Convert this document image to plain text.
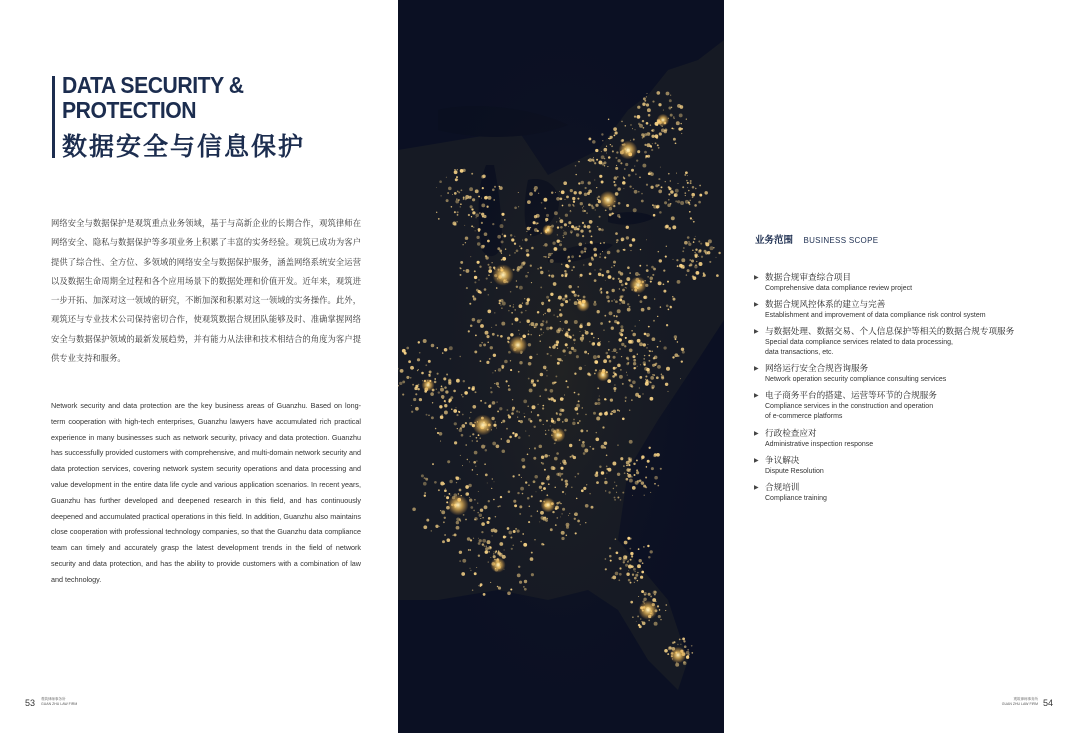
DATA SECURITY &
PROTECTION
数据安全与信息保护

网络安全与数据保护是观筑重点业务领域，基于与高新企业的长期合作，观筑律师在网络安全、隐私与数据保护等多项业务上积累了丰富的实务经验。观筑已成功为客户提供了综合性、全方位、多领域的网络安全与数据保护服务，涵盖网络系统安全运营以及数据生命周期全过程和各个应用场景下的数据处理和价值开发。近年来，观筑进一步开拓、加深对这一领域的研究，不断加深和积累对这一领域的实务操作。此外，观筑还与专业技术公司保持密切合作，使观筑数据合规团队能够及时、准确掌握网络安全与数据保护领域的最新发展趋势，并有能力从法律和技术相结合的角度为客户提供专业支持和服务。

Network security and data protection are the key business areas of Guanzhu. Based on long-term cooperation with high-tech enterprises, Guanzhu lawyers have accumulated rich practical experience in many businesses such as network security, privacy and data protection. Guanzhu has successfully provided customers with comprehensive, and multi-domain network security and data protection services, covering network system security operations and data processing and value development in the entire data life cycle and various application scenarios. In recent years, Guanzhu has further developed and deepened research in this field, and has continuously deepened and accumulated practical operations in this field. In addition, Guanzhu also maintains close cooperation with professional technology companies, so that the Guanzhu data compliance team can timely and accurately grasp the latest development trends in the field of network security and data protection, and has the ability to provide customers with a combination of law and technology.

53 观筑律师事务所
GUAN ZHU LAW FIRM
业务范围 BUSINESS SCOPE
▶ 数据合规审查综合项目
Comprehensive data compliance review project
▶ 数据合规风控体系的建立与完善
Establishment and improvement of data compliance risk control system
▶ 与数据处理、数据交易、个人信息保护等相关的数据合规专项服务
Special data compliance services related to data processing,
data transactions, etc.
▶ 网络运行安全合规咨询服务
Network operation security compliance consulting services
▶ 电子商务平台的搭建、运营等环节的合规服务
Compliance services in the construction and operation
of e-commerce platforms
▶ 行政检查应对
Administrative inspection response
▶ 争议解决
Dispute Resolution
▶ 合规培训
Compliance training
观筑律师事务所
GUAN ZHU LAW FIRM 54
